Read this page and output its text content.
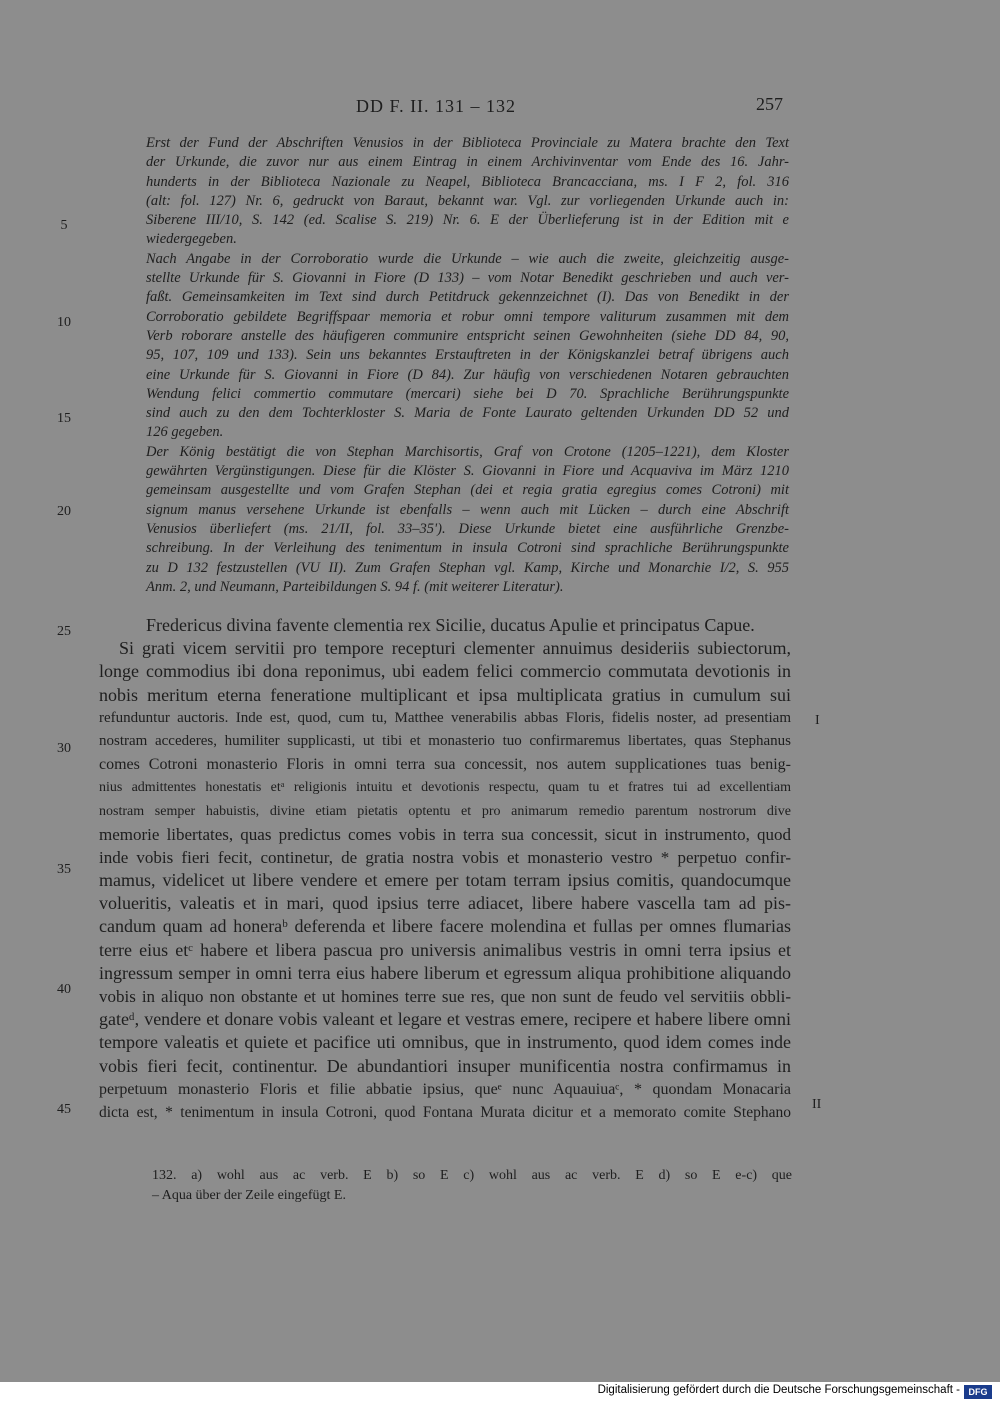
DD F. II. 131 – 132	257
Erst der Fund der Abschriften Venusios in der Biblioteca Provinciale zu Matera brachte den Text
der Urkunde, die zuvor nur aus einem Eintrag in einem Archivinventar vom Ende des 16. Jahr-
hunderts in der Biblioteca Nazionale zu Neapel, Biblioteca Brancacciana, ms. I F 2, fol. 316
(alt: fol. 127) Nr. 6, gedruckt von Baraut, bekannt war. Vgl. zur vorliegenden Urkunde auch in:
Siberene III/10, S. 142 (ed. Scalise S. 219) Nr. 6. E der Überlieferung ist in der Edition mit e
wiedergegeben.
Nach Angabe in der Corroboratio wurde die Urkunde – wie auch die zweite, gleichzeitig ausge-
stellte Urkunde für S. Giovanni in Fiore (D 133) – vom Notar Benedikt geschrieben und auch ver-
faßt. Gemeinsamkeiten im Text sind durch Petitdruck gekennzeichnet (I). Das von Benedikt in der
Corroboratio gebildete Begriffspaar memoria et robur omni tempore valiturum zusammen mit dem
Verb roborare anstelle des häufigeren communire entspricht seinen Gewohnheiten (siehe DD 84, 90,
95, 107, 109 und 133). Sein uns bekanntes Erstauftreten in der Königskanzlei betraf übrigens auch
eine Urkunde für S. Giovanni in Fiore (D 84). Zur häufig von verschiedenen Notaren gebrauchten
Wendung felici commertio commutare (mercari) siehe bei D 70. Sprachliche Berührungspunkte
sind auch zu den dem Tochterkloster S. Maria de Fonte Laurato geltenden Urkunden DD 52 und
126 gegeben.
Der König bestätigt die von Stephan Marchisortis, Graf von Crotone (1205–1221), dem Kloster
gewährten Vergünstigungen. Diese für die Klöster S. Giovanni in Fiore und Acquaviva im März 1210
gemeinsam ausgestellte und vom Grafen Stephan (dei et regia gratia egregius comes Cotroni) mit
signum manus versehene Urkunde ist ebenfalls – wenn auch mit Lücken – durch eine Abschrift
Venusios überliefert (ms. 21/II, fol. 33–35'). Diese Urkunde bietet eine ausführliche Grenzbe-
schreibung. In der Verleihung des tenimentum in insula Cotroni sind sprachliche Berührungspunkte
zu D 132 festzustellen (VU II). Zum Grafen Stephan vgl. Kamp, Kirche und Monarchie I/2, S. 955
Anm. 2, und Neumann, Parteibildungen S. 94 f. (mit weiterer Literatur).
5
10
15
20
Fredericus divina favente clementia rex Sicilie, ducatus Apulie et principatus Capue.
Si grati vicem servitii pro tempore recepturi clementer annuimus desideriis subiectorum,
longe commodius ibi dona reponimus, ubi eadem felici commercio commutata devotionis in
nobis meritum eterna feneratione multiplicant et ipsa multiplicata gratius in cumulum sui
refunduntur auctoris. Inde est, quod, cum tu, Matthee venerabilis abbas Floris, fidelis noster, ad presentiam
nostram accederes, humiliter supplicasti, ut tibi et monasterio tuo confirmaremus libertates, quas Stephanus
comes Cotroni monasterio Floris in omni terra sua concessit, nos autem supplicationes tuas benig-
nius admittentes honestatis etᵃ religionis intuitu et devotionis respectu, quam tu et fratres tui ad excellentiam
nostram semper habuistis, divine etiam pietatis optentu et pro animarum remedio parentum nostrorum dive
memorie libertates, quas predictus comes vobis in terra sua concessit, sicut in instrumento, quod
inde vobis fieri fecit, continetur, de gratia nostra vobis et monasterio vestro * perpetuo confir-
mamus, videlicet ut libere vendere et emere per totam terram ipsius comitis, quandocumque
volueritis, valeatis et in mari, quod ipsius terre adiacet, libere habere vascella tam ad pis-
candum quam ad honeraᵇ deferenda et libere facere molendina et fullas per omnes flumarias
terre eius etᶜ habere et libera pascua pro universis animalibus vestris in omni terra ipsius et
ingressum semper in omni terra eius habere liberum et egressum aliqua prohibitione aliquando
vobis in aliquo non obstante et ut homines terre sue res, que non sunt de feudo vel servitiis obbli-
gateᵈ, vendere et donare vobis valeant et legare et vestras emere, recipere et habere libere omni
tempore valeatis et quiete et pacifice uti omnibus, que in instrumento, quod idem comes inde
vobis fieri fecit, continentur. De abundantiori insuper munificentia nostra confirmamus in
perpetuum monasterio Floris et filie abbatie ipsius, queᵉ nunc Aquauiuaᶜ, * quondam Monacaria
dicta est, * tenimentum in insula Cotroni, quod Fontana Murata dicitur et a memorato comite Stephano
25
30
35
40
45
I
II
132. a) wohl aus ac verb. E b) so E c) wohl aus ac verb. E d) so E e-c) que
– Aqua über der Zeile eingefügt E.
Digitalisierung gefördert durch die Deutsche Forschungsgemeinschaft - DFG
